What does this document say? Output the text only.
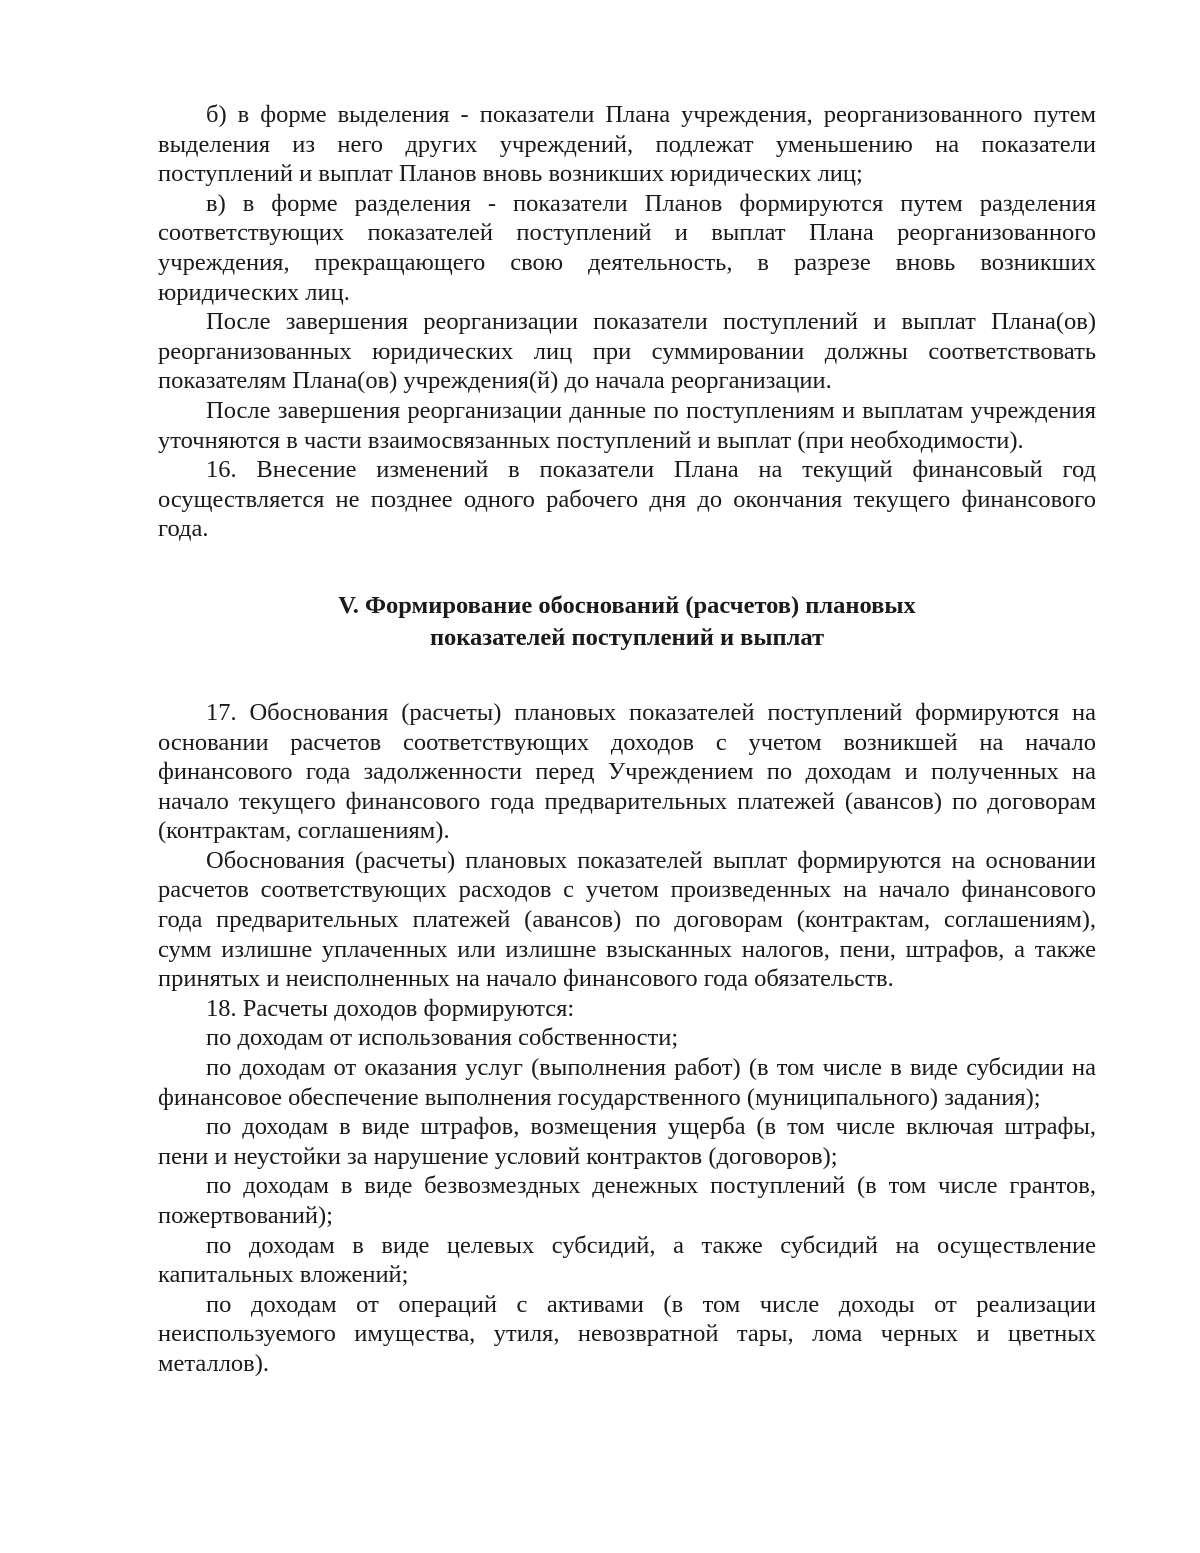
б) в форме выделения - показатели Плана учреждения, реорганизованного путем выделения из него других учреждений, подлежат уменьшению на показатели поступлений и выплат Планов вновь возникших юридических лиц;

в) в форме разделения - показатели Планов формируются путем разделения соответствующих показателей поступлений и выплат Плана реорганизованного учреждения, прекращающего свою деятельность, в разрезе вновь возникших юридических лиц.

После завершения реорганизации показатели поступлений и выплат Плана(ов) реорганизованных юридических лиц при суммировании должны соответствовать показателям Плана(ов) учреждения(й) до начала реорганизации.

После завершения реорганизации данные по поступлениям и выплатам учреждения уточняются в части взаимосвязанных поступлений и выплат (при необходимости).

16. Внесение изменений в показатели Плана на текущий финансовый год осуществляется не позднее одного рабочего дня до окончания текущего финансового года.

V. Формирование обоснований (расчетов) плановых
показателей поступлений и выплат

17. Обоснования (расчеты) плановых показателей поступлений формируются на основании расчетов соответствующих доходов с учетом возникшей на начало финансового года задолженности перед Учреждением по доходам и полученных на начало текущего финансового года предварительных платежей (авансов) по договорам (контрактам, соглашениям).

Обоснования (расчеты) плановых показателей выплат формируются на основании расчетов соответствующих расходов с учетом произведенных на начало финансового года предварительных платежей (авансов) по договорам (контрактам, соглашениям), сумм излишне уплаченных или излишне взысканных налогов, пени, штрафов, а также принятых и неисполненных на начало финансового года обязательств.

18. Расчеты доходов формируются:

по доходам от использования собственности;

по доходам от оказания услуг (выполнения работ) (в том числе в виде субсидии на финансовое обеспечение выполнения государственного (муниципального) задания);

по доходам в виде штрафов, возмещения ущерба (в том числе включая штрафы, пени и неустойки за нарушение условий контрактов (договоров);

по доходам в виде безвозмездных денежных поступлений (в том числе грантов, пожертвований);

по доходам в виде целевых субсидий, а также субсидий на осуществление капитальных вложений;

по доходам от операций с активами (в том числе доходы от реализации неиспользуемого имущества, утиля, невозвратной тары, лома черных и цветных металлов).
